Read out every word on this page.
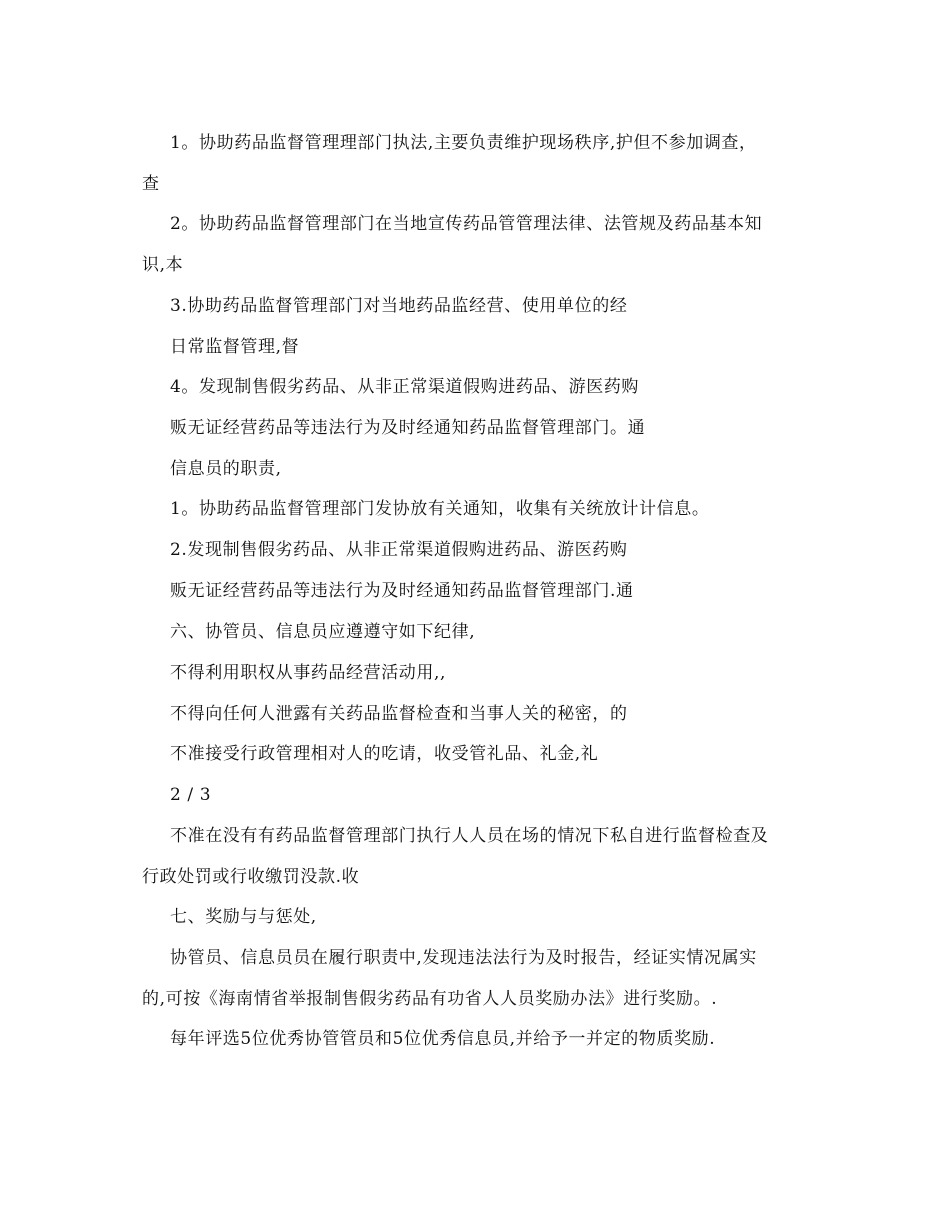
1。协助药品监督管理理部门执法,主要负责维护现场秩序,护但不参加调查，
查
2。协助药品监督管理部门在当地宣传药品管管理法律、法管规及药品基本知
识,本
3.协助药品监督管理部门对当地药品监经营、使用单位的经
日常监督管理,督
4。发现制售假劣药品、从非正常渠道假购进药品、游医药购
贩无证经营药品等违法行为及时经通知药品监督管理部门。通
信息员的职责,
1。协助药品监督管理部门发协放有关通知，收集有关统放计计信息。
2.发现制售假劣药品、从非正常渠道假购进药品、游医药购
贩无证经营药品等违法行为及时经通知药品监督管理部门.通
六、协管员、信息员应遵遵守如下纪律,
不得利用职权从事药品经营活动用,,
不得向任何人泄露有关药品监督检查和当事人关的秘密，的
不准接受行政管理相对人的吃请，收受管礼品、礼金,礼
2 / 3
不准在没有有药品监督管理部门执行人人员在场的情况下私自进行监督检查及
行政处罚或行收缴罚没款.收
七、奖励与与惩处,
协管员、信息员员在履行职责中,发现违法法行为及时报告，经证实情况属实
的,可按《海南情省举报制售假劣药品有功省人人员奖励办法》进行奖励。.
每年评选5位优秀协管管员和5位优秀信息员,并给予一并定的物质奖励.
